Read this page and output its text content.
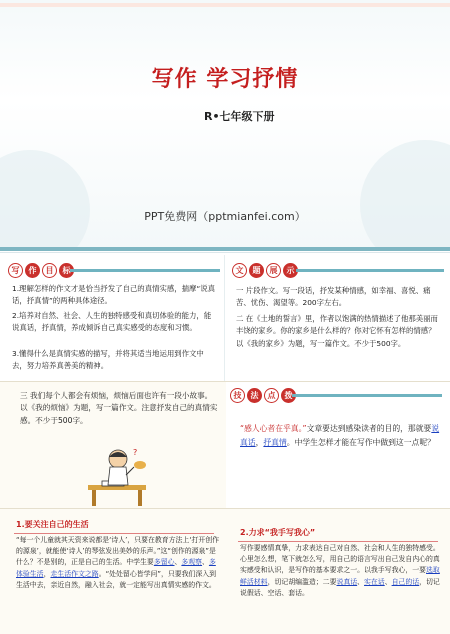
写作 学习抒情
R•七年级下册
PPT免费网（pptmianfei.com）
写	作	目	标
1.理解怎样的作文才是恰当抒发了自己的真情实感，揣摩“说真话，抒真情”的两种具体途径。
2.培养对自然、社会、人生的独特感受和真切体验的能力，能说真话，抒真情，养成倾诉自己真实感受的态度和习惯。
3.懂得什么是真情实感的描写，并将其适当地运用到作文中去，努力培养真善美的精神。
文	题	展	示
一 片段作文。写一段话，抒发某种情感，如幸福、喜悦、痛苦、忧伤、渴望等。200字左右。
二 在《土地的誓言》里，作者以饱满的热情描述了他那美丽而丰饶的家乡。你的家乡是什么样的？你对它怀有怎样的情感？以《我的家乡》为题，写一篇作文。不少于500字。
三 我们每个人都会有烦恼，烦恼后面也许有一段小故事。以《我的烦恼》为题，写一篇作文。注意抒发自己的真情实感。不少于500字。
?
技	法	点	拨
“感人心者在乎真。”文章要达到感染读者的目的，那就要说真话，抒真情。中学生怎样才能在写作中做到这一点呢？
1.要关注自己的生活
“每一个儿童就其天资来说都是‘诗人’，只要在教育方法上‘打开创作的源泉’，就能使‘诗人’的琴弦发出美妙的乐声。”这“创作的源泉”是什么？不是别的，正是自己的生活。中学生要多留心、多观察、多体验生活，走生活作文之路。“处处留心皆学问”，只要我们深入到生活中去，亲近自然，融入社会，就一定能写出真情实感的作文。
2.力求“我手写我心”
写作要感情真挚，力求表达自己对自然、社会和人生的独特感受。心里怎么想，笔下就怎么写，用自己的语言写出自己发自内心的真实感受和认识，是写作的基本要求之一。以我手写我心，一要选取鲜活材料，切记胡编滥造；二要说真话、实在话、自己的话，切记说假话、空话、套话。
